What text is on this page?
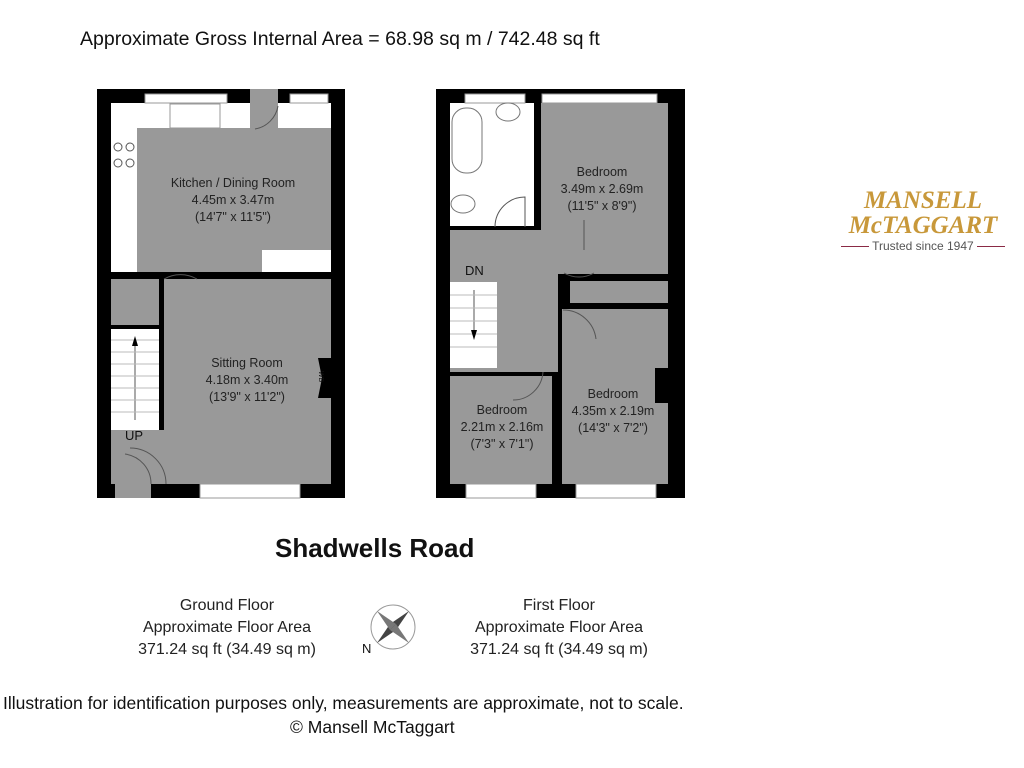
Approximate Gross Internal Area = 68.98 sq m / 742.48 sq ft
Kitchen / Dining Room
4.45m x 3.47m
(14'7" x 11'5")
Sitting Room
4.18m x 3.40m
(13'9" x 11'2")
UP
WB
Bedroom
3.49m x 2.69m
(11'5" x 8'9")
Bedroom
2.21m x 2.16m
(7'3" x 7'1")
Bedroom
4.35m x 2.19m
(14'3" x 7'2")
DN
MANSELL
McTAGGART
Trusted since 1947
Shadwells Road
Ground Floor
Approximate Floor Area
371.24 sq ft (34.49 sq m)
First Floor
Approximate Floor Area
371.24 sq ft (34.49 sq m)
N
Illustration for identification purposes only, measurements are approximate, not to scale.
© Mansell McTaggart
